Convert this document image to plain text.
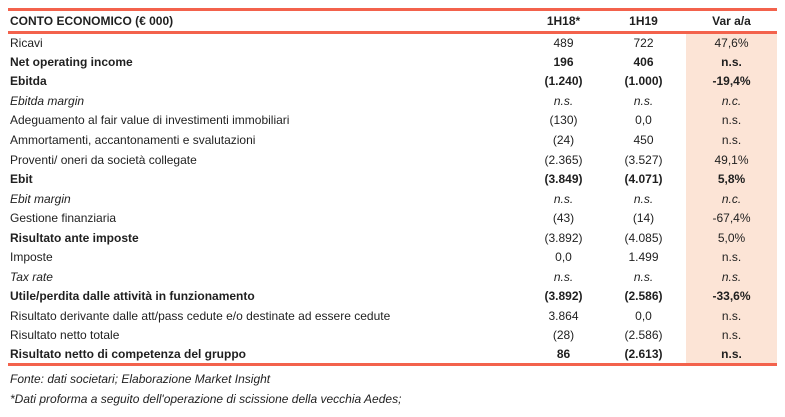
CONTO ECONOMICO (€ 000)	1H18*	1H19	Var a/a
Ricavi	489	722	47,6%
Net operating income	196	406	n.s.
Ebitda	(1.240)	(1.000)	-19,4%
Ebitda margin	n.s.	n.s.	n.c.
Adeguamento al fair value di investimenti immobiliari	(130)	0,0	n.s.
Ammortamenti, accantonamenti e svalutazioni	(24)	450	n.s.
Proventi/ oneri da società collegate	(2.365)	(3.527)	49,1%
Ebit	(3.849)	(4.071)	5,8%
Ebit margin	n.s.	n.s.	n.c.
Gestione finanziaria	(43)	(14)	-67,4%
Risultato ante imposte	(3.892)	(4.085)	5,0%
Imposte	0,0	1.499	n.s.
Tax rate	n.s.	n.s.	n.s.
Utile/perdita dalle attività in funzionamento	(3.892)	(2.586)	-33,6%
Risultato derivante dalle att/pass cedute e/o destinate ad essere cedute	3.864	0,0	n.s.
Risultato netto totale	(28)	(2.586)	n.s.
Risultato netto di competenza del gruppo	86	(2.613)	n.s.
Fonte: dati societari; Elaborazione Market Insight
*Dati proforma a seguito dell'operazione di scissione della vecchia Aedes;
